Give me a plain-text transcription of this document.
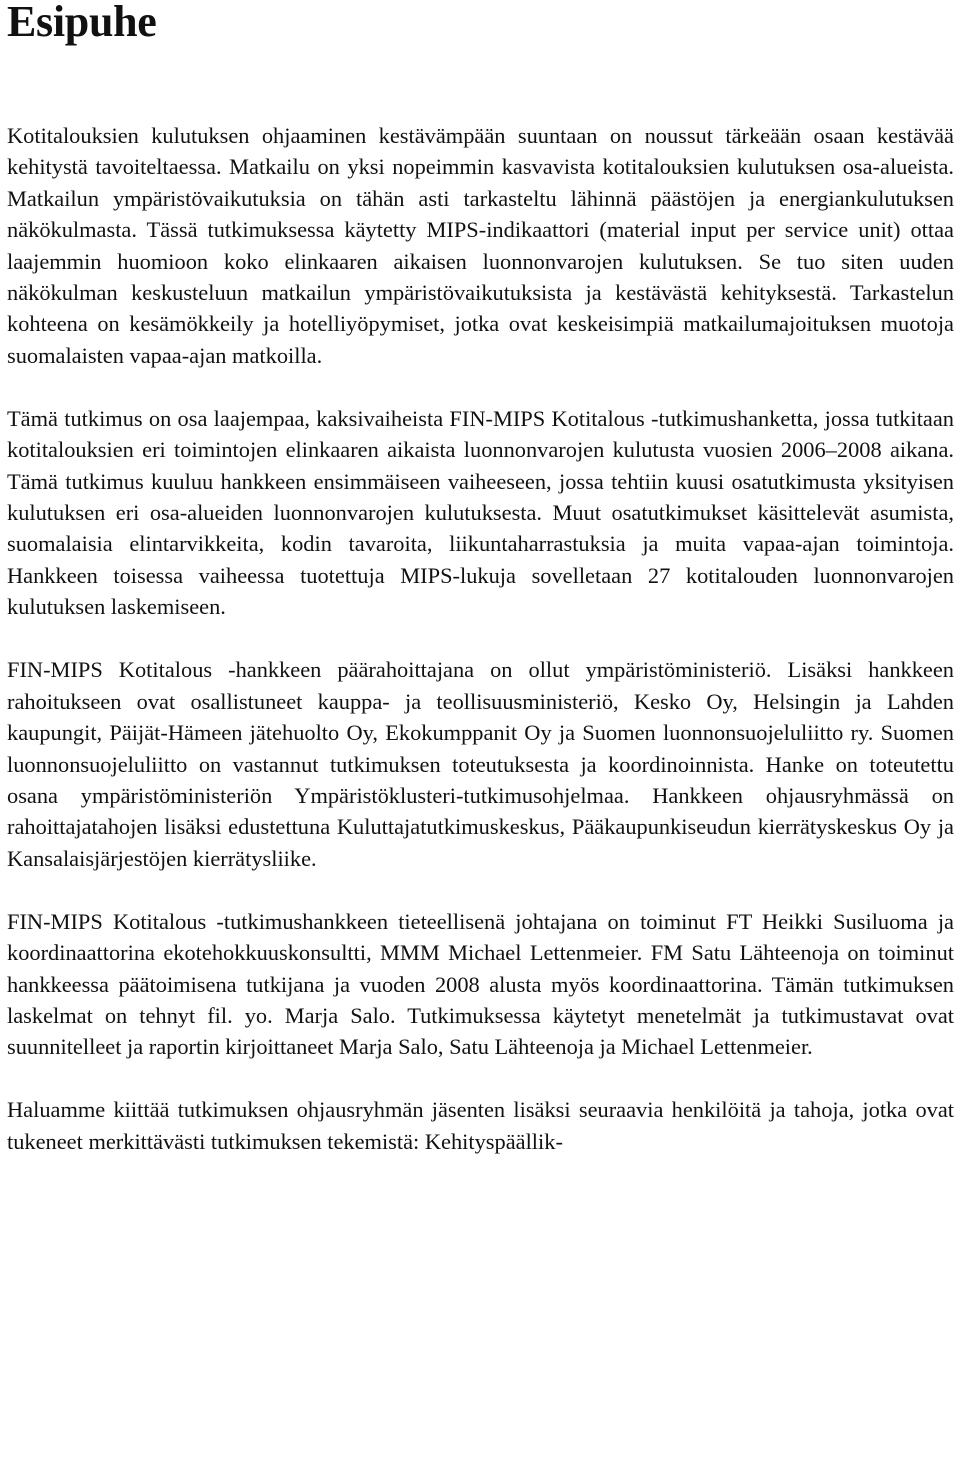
Esipuhe

Kotitalouksien kulutuksen ohjaaminen kestävämpään suuntaan on noussut tärkeään osaan kestävää kehitystä tavoiteltaessa. Matkailu on yksi nopeimmin kasvavista kotitalouksien kulutuksen osa-alueista. Matkailun ympäristövaikutuksia on tähän asti tarkasteltu lähinnä päästöjen ja energiankulutuksen näkökulmasta. Tässä tutkimuksessa käytetty MIPS-indikaattori (material input per service unit) ottaa laajemmin huomioon koko elinkaaren aikaisen luonnonvarojen kulutuksen. Se tuo siten uuden näkökulman keskusteluun matkailun ympäristövaikutuksista ja kestävästä kehityksestä. Tarkastelun kohteena on kesämökkeily ja hotelliyöpymiset, jotka ovat keskeisimpiä matkailumajoituksen muotoja suomalaisten vapaa-ajan matkoilla.

Tämä tutkimus on osa laajempaa, kaksivaiheista FIN-MIPS Kotitalous -tutkimushanketta, jossa tutkitaan kotitalouksien eri toimintojen elinkaaren aikaista luonnonvarojen kulutusta vuosien 2006–2008 aikana. Tämä tutkimus kuuluu hankkeen ensimmäiseen vaiheeseen, jossa tehtiin kuusi osatutkimusta yksityisen kulutuksen eri osa-alueiden luonnonvarojen kulutuksesta. Muut osatutkimukset käsittelevät asumista, suomalaisia elintarvikkeita, kodin tavaroita, liikuntaharrastuksia ja muita vapaa-ajan toimintoja. Hankkeen toisessa vaiheessa tuotettuja MIPS-lukuja sovelletaan 27 kotitalouden luonnonvarojen kulutuksen laskemiseen.

FIN-MIPS Kotitalous -hankkeen päärahoittajana on ollut ympäristöministeriö. Lisäksi hankkeen rahoitukseen ovat osallistuneet kauppa- ja teollisuusministeriö, Kesko Oy, Helsingin ja Lahden kaupungit, Päijät-Hämeen jätehuolto Oy, Ekokumppanit Oy ja Suomen luonnonsuojeluliitto ry. Suomen luonnonsuojeluliitto on vastannut tutkimuksen toteutuksesta ja koordinoinnista. Hanke on toteutettu osana ympäristöministeriön Ympäristöklusteri-tutkimusohjelmaa. Hankkeen ohjausryhmässä on rahoittajatahojen lisäksi edustettuna Kuluttajatutkimuskeskus, Pääkaupunkiseudun kierrätyskeskus Oy ja Kansalaisjärjestöjen kierrätysliike.

FIN-MIPS Kotitalous -tutkimushankkeen tieteellisenä johtajana on toiminut FT Heikki Susiluoma ja koordinaattorina ekotehokkuuskonsultti, MMM Michael Lettenmeier. FM Satu Lähteenoja on toiminut hankkeessa päätoimisena tutkijana ja vuoden 2008 alusta myös koordinaattorina. Tämän tutkimuksen laskelmat on tehnyt fil. yo. Marja Salo. Tutkimuksessa käytetyt menetelmät ja tutkimustavat ovat suunnitelleet ja raportin kirjoittaneet Marja Salo, Satu Lähteenoja ja Michael Lettenmeier.

Haluamme kiittää tutkimuksen ohjausryhmän jäsenten lisäksi seuraavia henkilöitä ja tahoja, jotka ovat tukeneet merkittävästi tutkimuksen tekemistä: Kehityspäällik-
